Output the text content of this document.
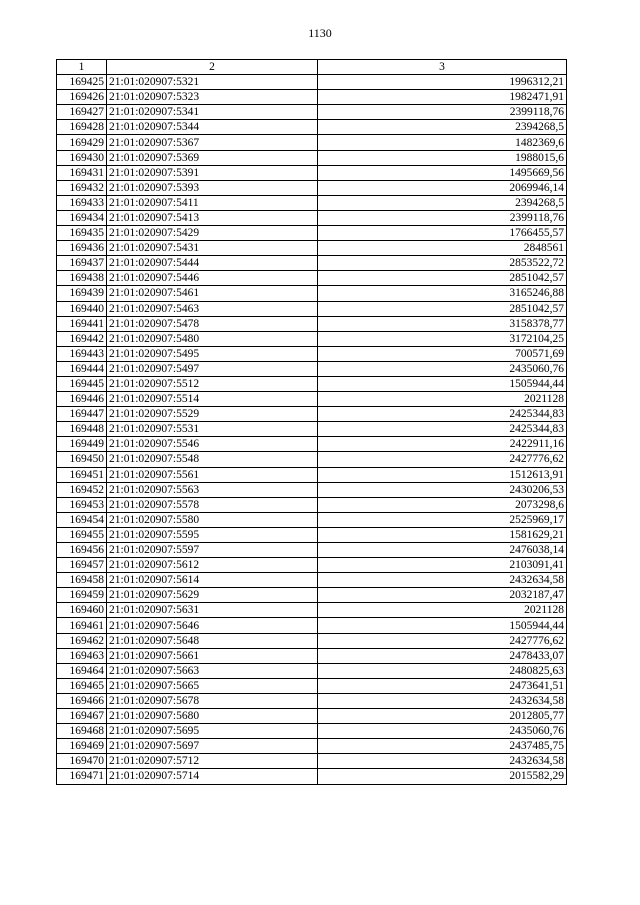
1130
1	2	3
169425	21:01:020907:5321	1996312,21
169426	21:01:020907:5323	1982471,91
169427	21:01:020907:5341	2399118,76
169428	21:01:020907:5344	2394268,5
169429	21:01:020907:5367	1482369,6
169430	21:01:020907:5369	1988015,6
169431	21:01:020907:5391	1495669,56
169432	21:01:020907:5393	2069946,14
169433	21:01:020907:5411	2394268,5
169434	21:01:020907:5413	2399118,76
169435	21:01:020907:5429	1766455,57
169436	21:01:020907:5431	2848561
169437	21:01:020907:5444	2853522,72
169438	21:01:020907:5446	2851042,57
169439	21:01:020907:5461	3165246,88
169440	21:01:020907:5463	2851042,57
169441	21:01:020907:5478	3158378,77
169442	21:01:020907:5480	3172104,25
169443	21:01:020907:5495	700571,69
169444	21:01:020907:5497	2435060,76
169445	21:01:020907:5512	1505944,44
169446	21:01:020907:5514	2021128
169447	21:01:020907:5529	2425344,83
169448	21:01:020907:5531	2425344,83
169449	21:01:020907:5546	2422911,16
169450	21:01:020907:5548	2427776,62
169451	21:01:020907:5561	1512613,91
169452	21:01:020907:5563	2430206,53
169453	21:01:020907:5578	2073298,6
169454	21:01:020907:5580	2525969,17
169455	21:01:020907:5595	1581629,21
169456	21:01:020907:5597	2476038,14
169457	21:01:020907:5612	2103091,41
169458	21:01:020907:5614	2432634,58
169459	21:01:020907:5629	2032187,47
169460	21:01:020907:5631	2021128
169461	21:01:020907:5646	1505944,44
169462	21:01:020907:5648	2427776,62
169463	21:01:020907:5661	2478433,07
169464	21:01:020907:5663	2480825,63
169465	21:01:020907:5665	2473641,51
169466	21:01:020907:5678	2432634,58
169467	21:01:020907:5680	2012805,77
169468	21:01:020907:5695	2435060,76
169469	21:01:020907:5697	2437485,75
169470	21:01:020907:5712	2432634,58
169471	21:01:020907:5714	2015582,29
